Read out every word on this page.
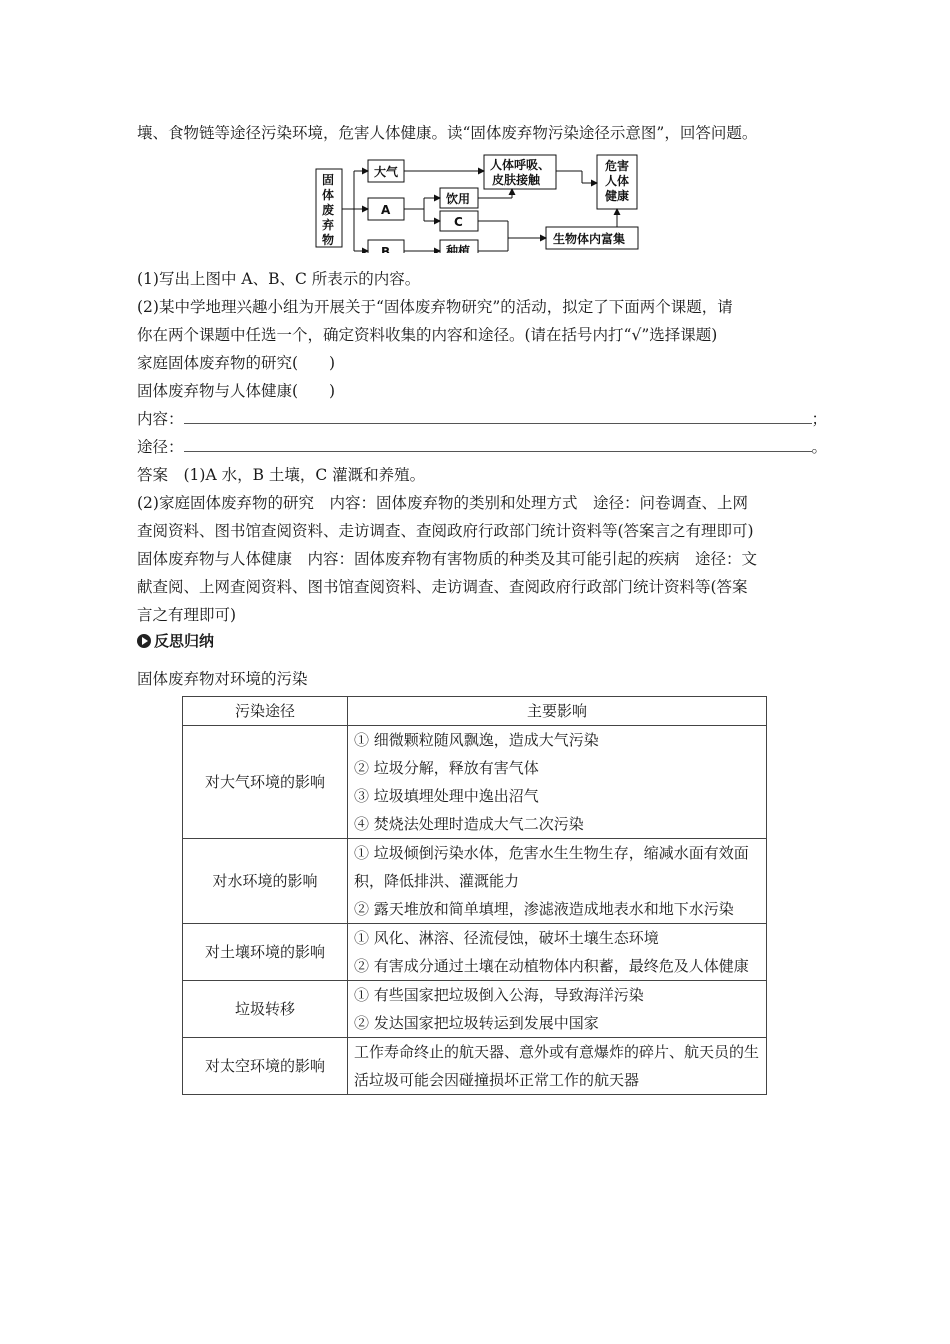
壤、食物链等途径污染环境，危害人体健康。读“固体废弃物污染途径示意图”，回答问题。
固
体
废
弃
物
大气
A
B
人体呼吸、
皮肤接触
饮用
C
种植
危害
人体
健康
生物体内富集
(1)写出上图中 A、B、C 所表示的内容。
(2)某中学地理兴趣小组为开展关于“固体废弃物研究”的活动，拟定了下面两个课题，请
你在两个课题中任选一个，确定资料收集的内容和途径。(请在括号内打“√”选择课题)
家庭固体废弃物的研究(　　)
固体废弃物与人体健康(　　)
内容：	；
途径：	。
答案　(1)A 水，B 土壤，C 灌溉和养殖。
(2)家庭固体废弃物的研究　内容：固体废弃物的类别和处理方式　途径：问卷调查、上网
查阅资料、图书馆查阅资料、走访调查、查阅政府行政部门统计资料等(答案言之有理即可)
固体废弃物与人体健康　内容：固体废弃物有害物质的种类及其可能引起的疾病　途径：文
献查阅、上网查阅资料、图书馆查阅资料、走访调查、查阅政府行政部门统计资料等(答案
言之有理即可)
反思归纳
固体废弃物对环境的污染
污染途径	主要影响
对大气环境的影响	① 细微颗粒随风飘逸，造成大气污染
② 垃圾分解，释放有害气体
③ 垃圾填埋处理中逸出沼气
④ 焚烧法处理时造成大气二次污染

对水环境的影响	① 垃圾倾倒污染水体，危害水生生物生存，缩减水面有效面积，降低排洪、灌溉能力
② 露天堆放和简单填埋，渗滤液造成地表水和地下水污染

对土壤环境的影响	① 风化、淋溶、径流侵蚀，破坏土壤生态环境
② 有害成分通过土壤在动植物体内积蓄，最终危及人体健康

垃圾转移	① 有些国家把垃圾倒入公海，导致海洋污染
② 发达国家把垃圾转运到发展中国家

对太空环境的影响	工作寿命终止的航天器、意外或有意爆炸的碎片、航天员的生活垃圾可能会因碰撞损坏正常工作的航天器
